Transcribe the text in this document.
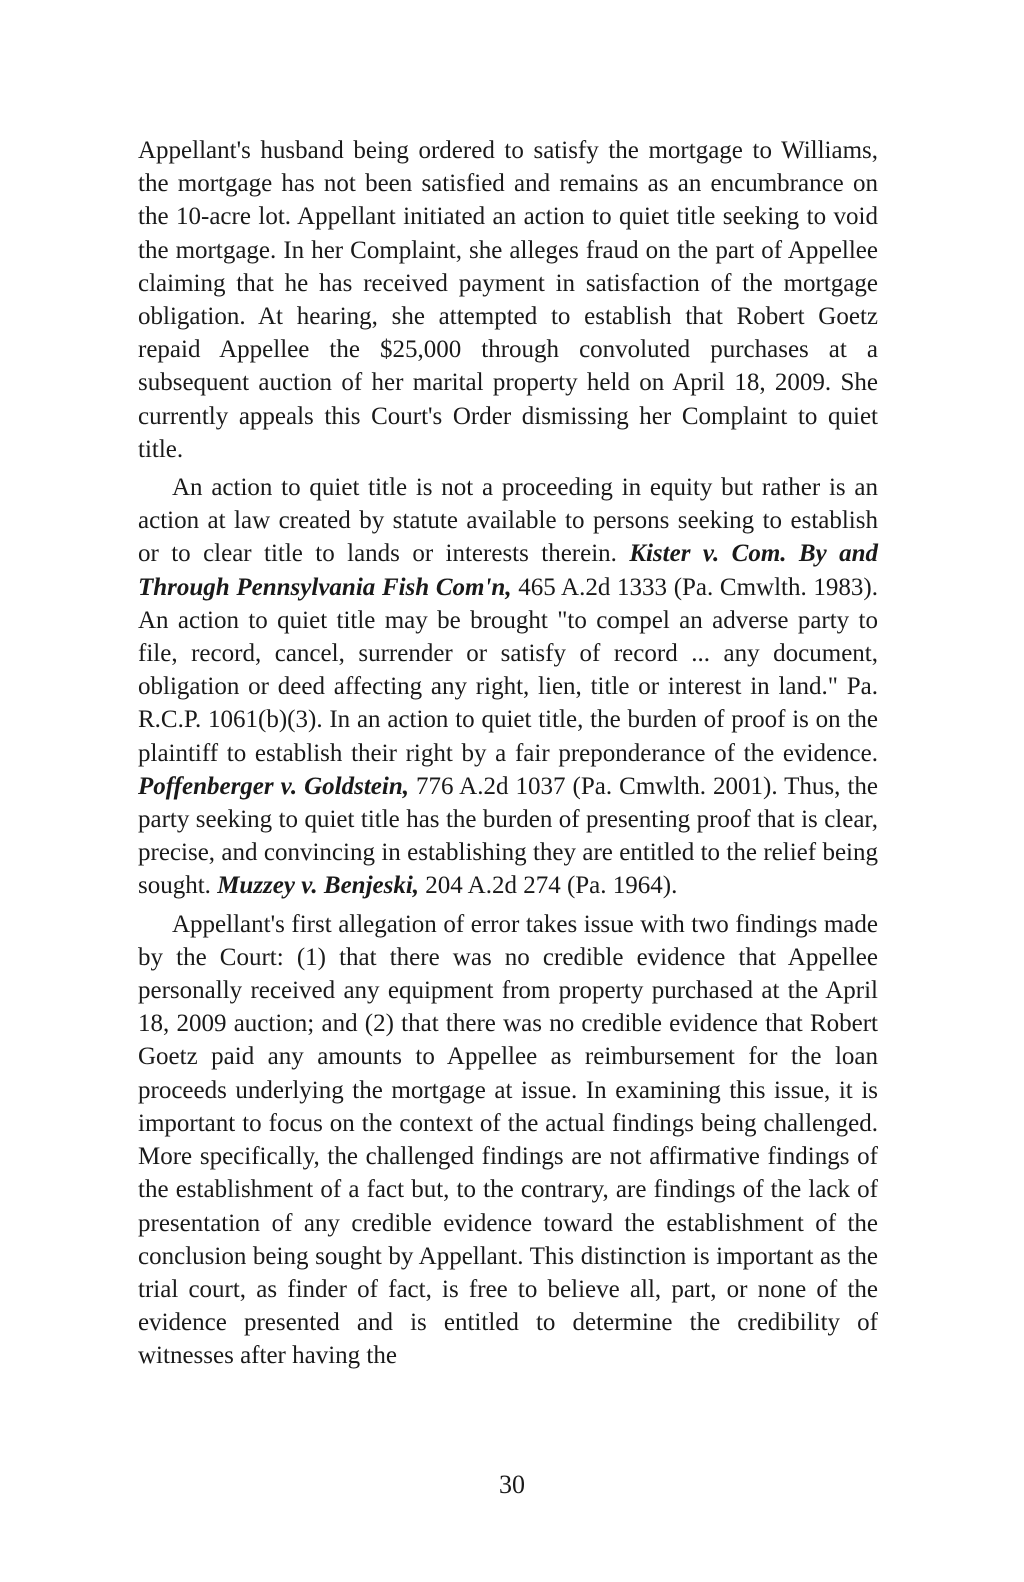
Appellant's husband being ordered to satisfy the mortgage to Williams, the mortgage has not been satisfied and remains as an encumbrance on the 10-acre lot. Appellant initiated an action to quiet title seeking to void the mortgage. In her Complaint, she alleges fraud on the part of Appellee claiming that he has received payment in satisfaction of the mortgage obligation. At hearing, she attempted to establish that Robert Goetz repaid Appellee the $25,000 through convoluted purchases at a subsequent auction of her marital property held on April 18, 2009. She currently appeals this Court's Order dismissing her Complaint to quiet title.

An action to quiet title is not a proceeding in equity but rather is an action at law created by statute available to persons seeking to establish or to clear title to lands or interests therein. Kister v. Com. By and Through Pennsylvania Fish Com'n, 465 A.2d 1333 (Pa. Cmwlth. 1983). An action to quiet title may be brought "to compel an adverse party to file, record, cancel, surrender or satisfy of record ... any document, obligation or deed affecting any right, lien, title or interest in land." Pa. R.C.P. 1061(b)(3). In an action to quiet title, the burden of proof is on the plaintiff to establish their right by a fair preponderance of the evidence. Poffenberger v. Goldstein, 776 A.2d 1037 (Pa. Cmwlth. 2001). Thus, the party seeking to quiet title has the burden of presenting proof that is clear, precise, and convincing in establishing they are entitled to the relief being sought. Muzzey v. Benjeski, 204 A.2d 274 (Pa. 1964).

Appellant's first allegation of error takes issue with two findings made by the Court: (1) that there was no credible evidence that Appellee personally received any equipment from property purchased at the April 18, 2009 auction; and (2) that there was no credible evidence that Robert Goetz paid any amounts to Appellee as reimbursement for the loan proceeds underlying the mortgage at issue. In examining this issue, it is important to focus on the context of the actual findings being challenged. More specifically, the challenged findings are not affirmative findings of the establishment of a fact but, to the contrary, are findings of the lack of presentation of any credible evidence toward the establishment of the conclusion being sought by Appellant. This distinction is important as the trial court, as finder of fact, is free to believe all, part, or none of the evidence presented and is entitled to determine the credibility of witnesses after having the

30
